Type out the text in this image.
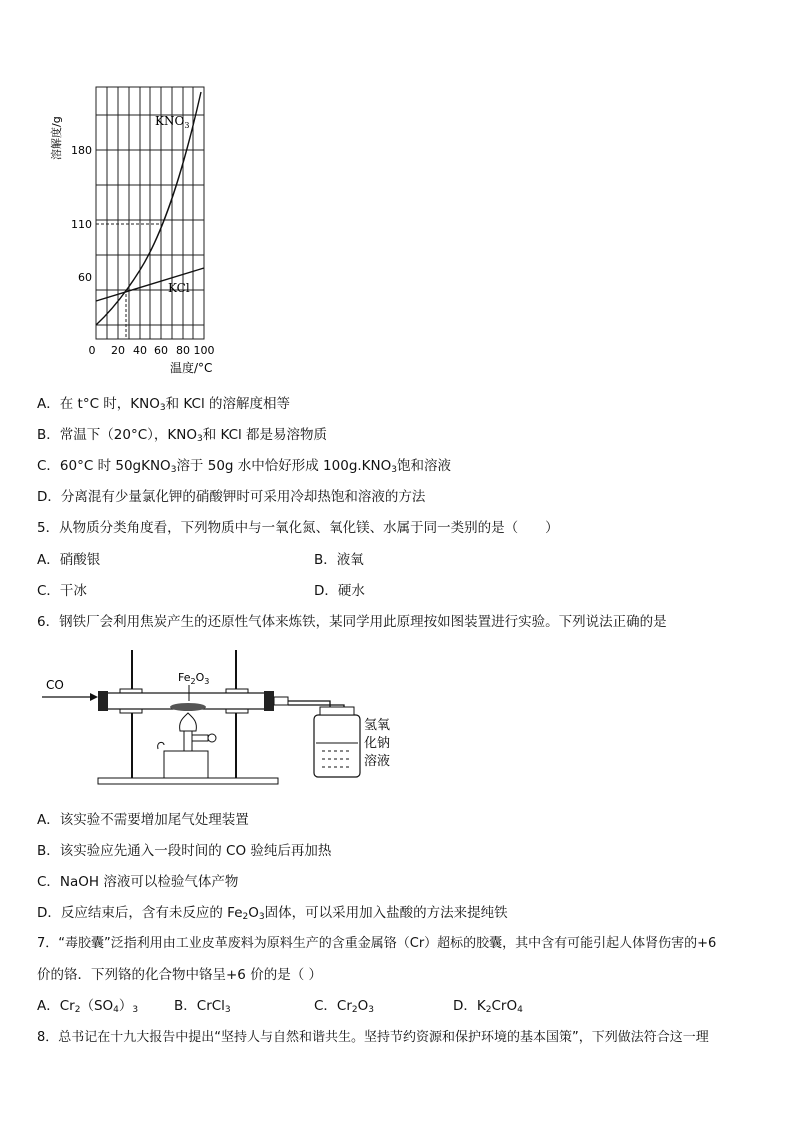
180
110
60
溶解度/g
0 20 40 60 80 100
温度/°C
$KNO_3$
KCl
A．在 t°C 时，$KNO_3$和 KCl 的溶解度相等
B．常温下（20°C），$KNO_3$和 KCl 都是易溶物质
C．60°C 时 50gKNO$_3$溶于 50g 水中恰好形成 $100g.KNO_3$饱和溶液
D．分离混有少量氯化钾的硝酸钾时可采用冷却热饱和溶液的方法
5．从物质分类角度看，下列物质中与一氧化氮、氧化镁、水属于同一类别的是（　　）
A．硝酸银	B．液氧
C．干冰	D．硬水
6．钢铁厂会利用焦炭产生的还原性气体来炼铁，某同学用此原理按如图装置进行实验。下列说法正确的是
CO
$Fe_2O_3$
氢氧
化钠
溶液
A．该实验不需要增加尾气处理装置
B．该实验应先通入一段时间的 CO 验纯后再加热
C．NaOH 溶液可以检验气体产物
D．反应结束后，含有未反应的 $Fe_2O_3$固体，可以采用加入盐酸的方法来提纯铁
7．“毒胶囊”泛指利用由工业皮革废料为原料生产的含重金属铬（Cr）超标的胶囊，其中含有可能引起人体肾伤害的+6
价的铬．下列铬的化合物中铬呈+6 价的是（ ）
A．$Cr_2(SO_4)_3$	B．CrCl$_3$	C．$Cr_2O_3$	D．$K_2CrO_4$
8．总书记在十九大报告中提出“坚持人与自然和谐共生。坚持节约资源和保护环境的基本国策”，下列做法符合这一理
